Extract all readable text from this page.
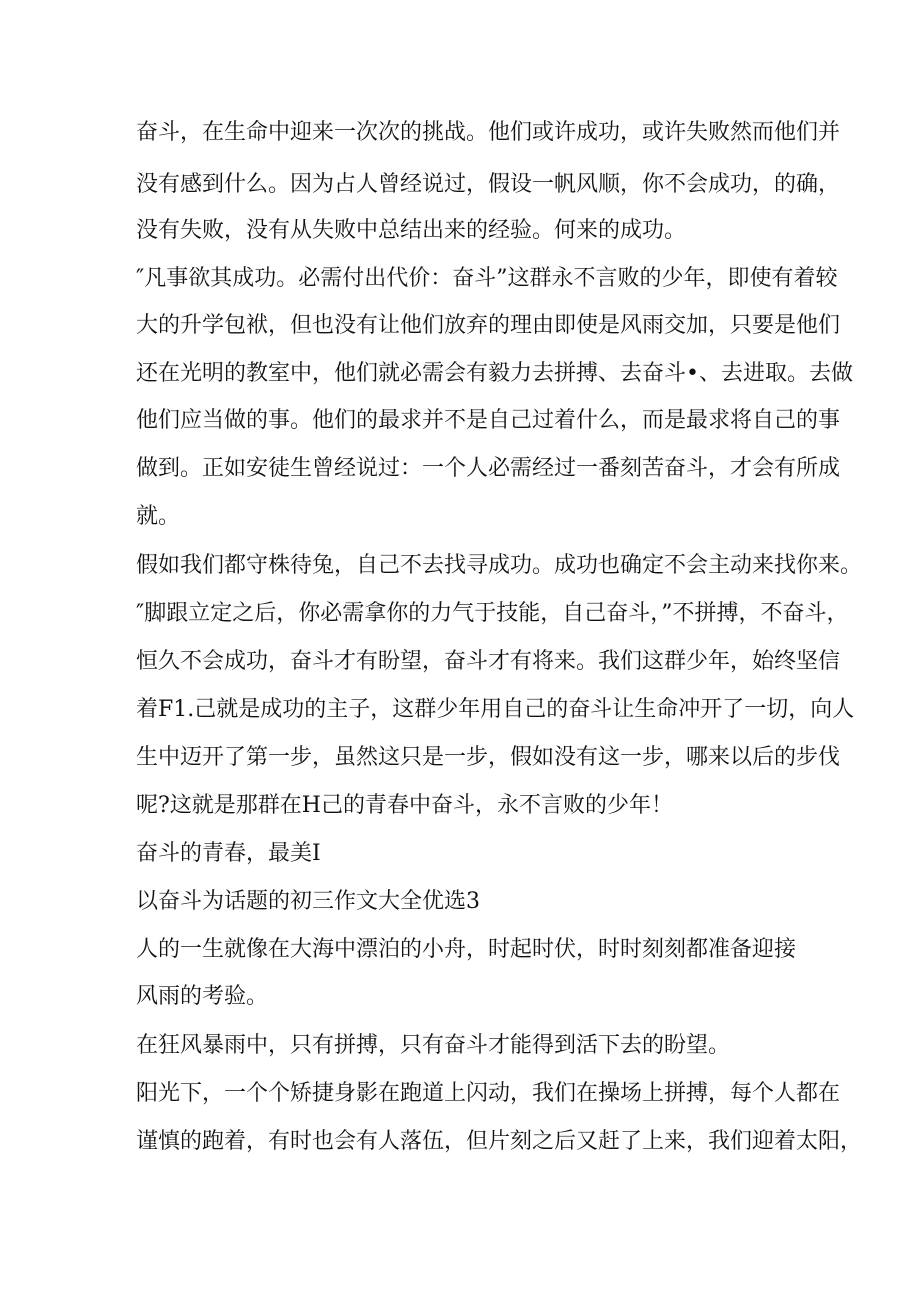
奋斗，在生命中迎来一次次的挑战。他们或许成功，或许失败然而他们并
没有感到什么。因为占人曾经说过，假设一帆风顺，你不会成功，的确，
没有失败，没有从失败中总结出来的经验。何来的成功。
″凡事欲其成功。必需付出代价：奋斗”这群永不言败的少年，即使有着较
大的升学包袱，但也没有让他们放弃的理由即使是风雨交加，只要是他们
还在光明的教室中，他们就必需会有毅力去拼搏、去奋斗•、去进取。去做
他们应当做的事。他们的最求并不是自己过着什么，而是最求将自己的事
做到。正如安徒生曾经说过：一个人必需经过一番刻苦奋斗，才会有所成
就。
假如我们都守株待兔，自己不去找寻成功。成功也确定不会主动来找你来。
″脚跟立定之后，你必需拿你的力气于技能，自己奋斗，”不拼搏，不奋斗，
恒久不会成功，奋斗才有盼望，奋斗才有将来。我们这群少年，始终坚信
着F1.己就是成功的主子，这群少年用自己的奋斗让生命冲开了一切，向人
生中迈开了第一步，虽然这只是一步，假如没有这一步，哪来以后的步伐
呢?这就是那群在H己的青春中奋斗，永不言败的少年！
奋斗的青春，最美I
以奋斗为话题的初三作文大全优选3
人的一生就像在大海中漂泊的小舟，时起时伏，时时刻刻都准备迎接
风雨的考验。
在狂风暴雨中，只有拼搏，只有奋斗才能得到活下去的盼望。
阳光下，一个个矫捷身影在跑道上闪动，我们在操场上拼搏，每个人都在
谨慎的跑着，有时也会有人落伍，但片刻之后又赶了上来，我们迎着太阳，
